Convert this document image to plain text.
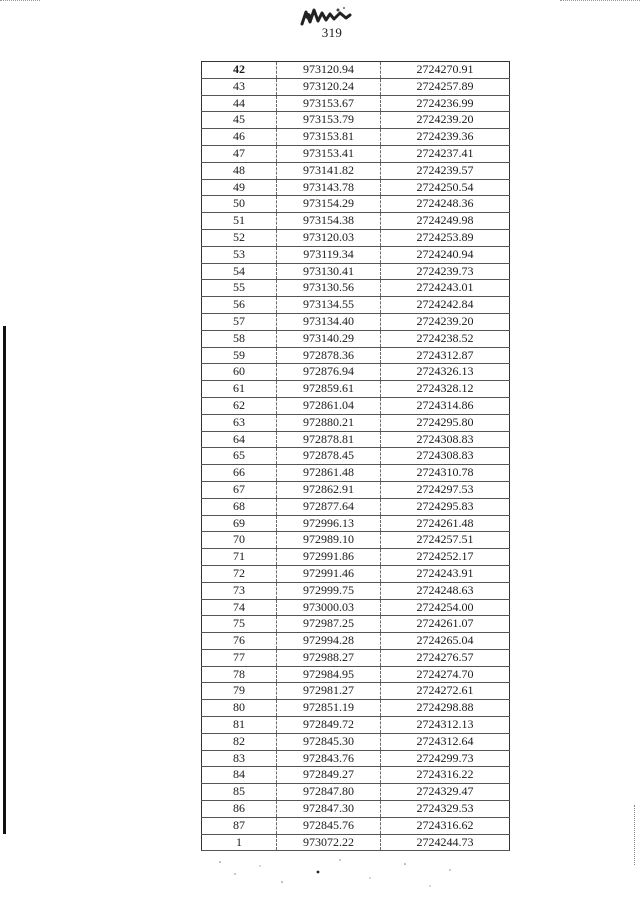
319
42	973120.94	2724270.91
43	973120.24	2724257.89
44	973153.67	2724236.99
45	973153.79	2724239.20
46	973153.81	2724239.36
47	973153.41	2724237.41
48	973141.82	2724239.57
49	973143.78	2724250.54
50	973154.29	2724248.36
51	973154.38	2724249.98
52	973120.03	2724253.89
53	973119.34	2724240.94
54	973130.41	2724239.73
55	973130.56	2724243.01
56	973134.55	2724242.84
57	973134.40	2724239.20
58	973140.29	2724238.52
59	972878.36	2724312.87
60	972876.94	2724326.13
61	972859.61	2724328.12
62	972861.04	2724314.86
63	972880.21	2724295.80
64	972878.81	2724308.83
65	972878.45	2724308.83
66	972861.48	2724310.78
67	972862.91	2724297.53
68	972877.64	2724295.83
69	972996.13	2724261.48
70	972989.10	2724257.51
71	972991.86	2724252.17
72	972991.46	2724243.91
73	972999.75	2724248.63
74	973000.03	2724254.00
75	972987.25	2724261.07
76	972994.28	2724265.04
77	972988.27	2724276.57
78	972984.95	2724274.70
79	972981.27	2724272.61
80	972851.19	2724298.88
81	972849.72	2724312.13
82	972845.30	2724312.64
83	972843.76	2724299.73
84	972849.27	2724316.22
85	972847.80	2724329.47
86	972847.30	2724329.53
87	972845.76	2724316.62
1	973072.22	2724244.73
